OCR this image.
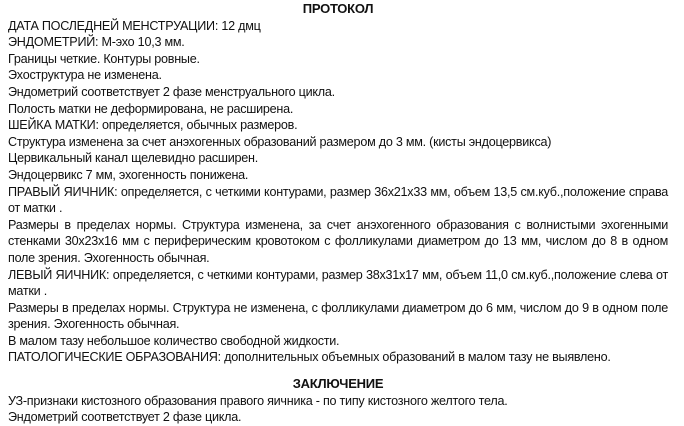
ПРОТОКОЛ
ДАТА ПОСЛЕДНЕЙ МЕНСТРУАЦИИ: 12 дмц
ЭНДОМЕТРИЙ: М-эхо 10,3 мм.
Границы четкие. Контуры ровные.
Эхоструктура не изменена.
Эндометрий соответствует 2 фазе менструального цикла.
Полость матки не деформирована, не расширена.
ШЕЙКА МАТКИ: определяется, обычных размеров.
Структура изменена за счет анэхогенных образований размером до 3 мм. (кисты эндоцервикса)
Цервикальный канал щелевидно расширен.
Эндоцервикс 7 мм, эхогенность понижена.
ПРАВЫЙ ЯИЧНИК: определяется, с четкими контурами, размер 36х21х33 мм, объем 13,5 см.куб.,положение справа от матки .
Размеры в пределах нормы. Структура изменена, за счет анэхогенного образования с волнистыми эхогенными стенками 30х23х16 мм с периферическим кровотоком с фолликулами диаметром до 13 мм, числом до 8 в одном поле зрения. Эхогенность обычная.
ЛЕВЫЙ ЯИЧНИК: определяется, с четкими контурами, размер 38х31х17 мм, объем 11,0 см.куб.,положение слева от матки .
Размеры в пределах нормы. Структура не изменена, с фолликулами диаметром до 6 мм, числом до 9 в одном поле зрения. Эхогенность обычная.
В малом тазу небольшое количество свободной жидкости.
ПАТОЛОГИЧЕСКИЕ ОБРАЗОВАНИЯ: дополнительных объемных образований в малом тазу не выявлено.
ЗАКЛЮЧЕНИЕ
УЗ-признаки кистозного образования правого яичника - по типу кистозного желтого тела.
Эндометрий соответствует 2 фазе цикла.
